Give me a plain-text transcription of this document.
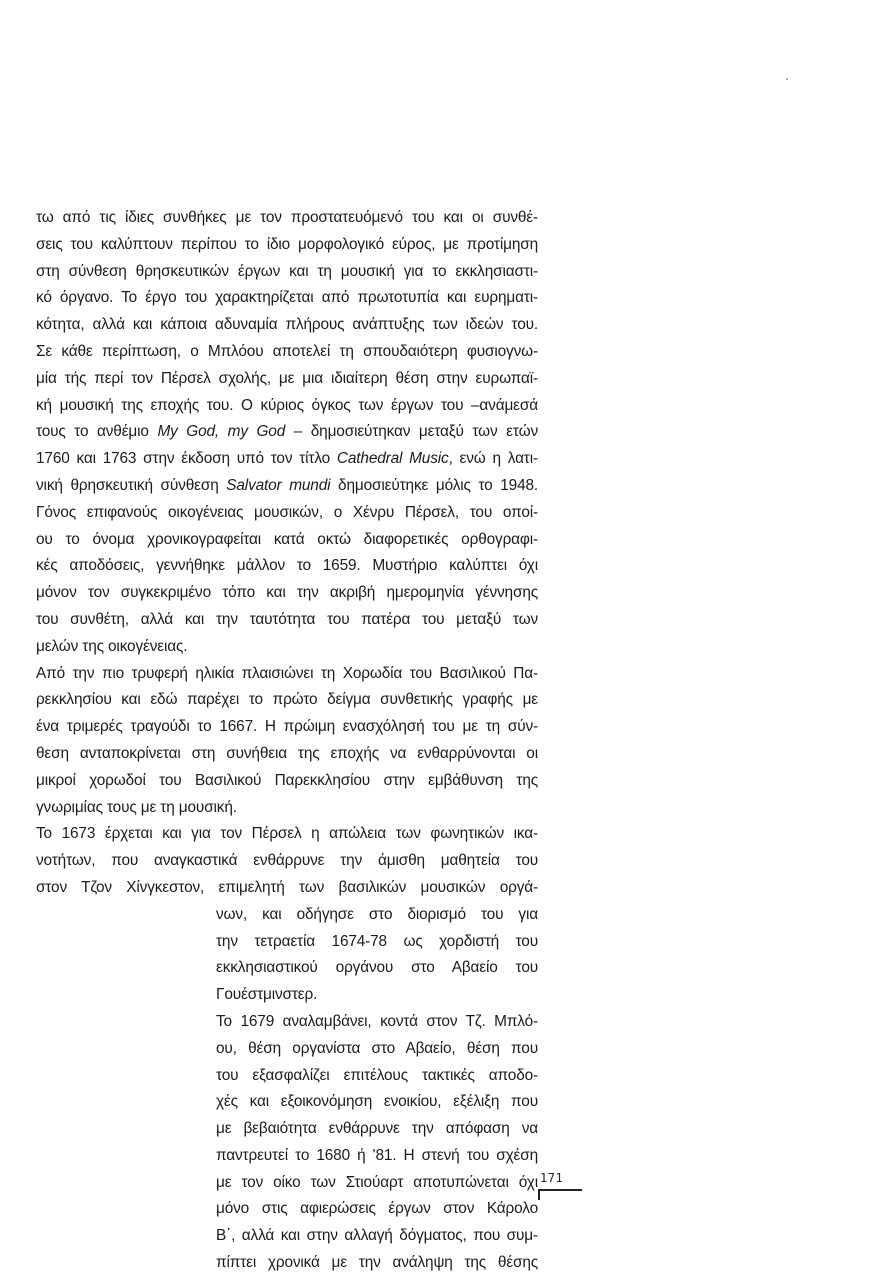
τω από τις ίδιες συνθήκες με τον προστατευόμενό του και οι συνθέ-
σεις του καλύπτουν περίπου το ίδιο μορφολογικό εύρος, με προτίμηση
στη σύνθεση θρησκευτικών έργων και τη μουσική για το εκκλησιαστι-
κό όργανο. Το έργο του χαρακτηρίζεται από πρωτοτυπία και ευρηματι-
κότητα, αλλά και κάποια αδυναμία πλήρους ανάπτυξης των ιδεών του.
Σε κάθε περίπτωση, ο Μπλόου αποτελεί τη σπουδαιότερη φυσιογνω-
μία τής περί τον Πέρσελ σχολής, με μια ιδιαίτερη θέση στην ευρωπαϊ-
κή μουσική της εποχής του. Ο κύριος όγκος των έργων του –ανάμεσά
τους το ανθέμιο My God, my God – δημοσιεύτηκαν μεταξύ των ετών
1760 και 1763 στην έκδοση υπό τον τίτλο Cathedral Music, ενώ η λατι-
νική θρησκευτική σύνθεση Salvator mundi δημοσιεύτηκε μόλις το 1948.
Γόνος επιφανούς οικογένειας μουσικών, ο Χένρυ Πέρσελ, του οποί-
ου το όνομα χρονικογραφείται κατά οκτώ διαφορετικές ορθογραφι-
κές αποδόσεις, γεννήθηκε μάλλον το 1659. Μυστήριο καλύπτει όχι
μόνον τον συγκεκριμένο τόπο και την ακριβή ημερομηνία γέννησης
του συνθέτη, αλλά και την ταυτότητα του πατέρα του μεταξύ των
μελών της οικογένειας.
Από την πιο τρυφερή ηλικία πλαισιώνει τη Χορωδία του Βασιλικού Πα-
ρεκκλησίου και εδώ παρέχει το πρώτο δείγμα συνθετικής γραφής με
ένα τριμερές τραγούδι το 1667. Η πρώιμη ενασχόλησή του με τη σύν-
θεση ανταποκρίνεται στη συνήθεια της εποχής να ενθαρρύνονται οι
μικροί χορωδοί του Βασιλικού Παρεκκλησίου στην εμβάθυνση της
γνωριμίας τους με τη μουσική.
Το 1673 έρχεται και για τον Πέρσελ η απώλεια των φωνητικών ικα-
νοτήτων, που αναγκαστικά ενθάρρυνε την άμισθη μαθητεία του
στον Τζον Χίνγκεστον, επιμελητή των βασιλικών μουσικών οργά-
νων, και οδήγησε στο διορισμό του για
την τετραετία 1674-78 ως χορδιστή του
εκκλησιαστικού οργάνου στο Αβαείο του
Γουέστμινστερ.
Το 1679 αναλαμβάνει, κοντά στον Τζ. Μπλό-
ου, θέση οργανίστα στο Αβαείο, θέση που
του εξασφαλίζει επιτέλους τακτικές αποδο-
χές και εξοικονόμηση ενοικίου, εξέλιξη που
με βεβαιότητα ενθάρρυνε την απόφαση να
παντρευτεί το 1680 ή '81. Η στενή του σχέση
με τον οίκο των Στιούαρτ αποτυπώνεται όχι
μόνο στις αφιερώσεις έργων στον Κάρολο
Β΄, αλλά και στην αλλαγή δόγματος, που συμ-
πίπτει χρονικά με την ανάληψη της θέσης
171
